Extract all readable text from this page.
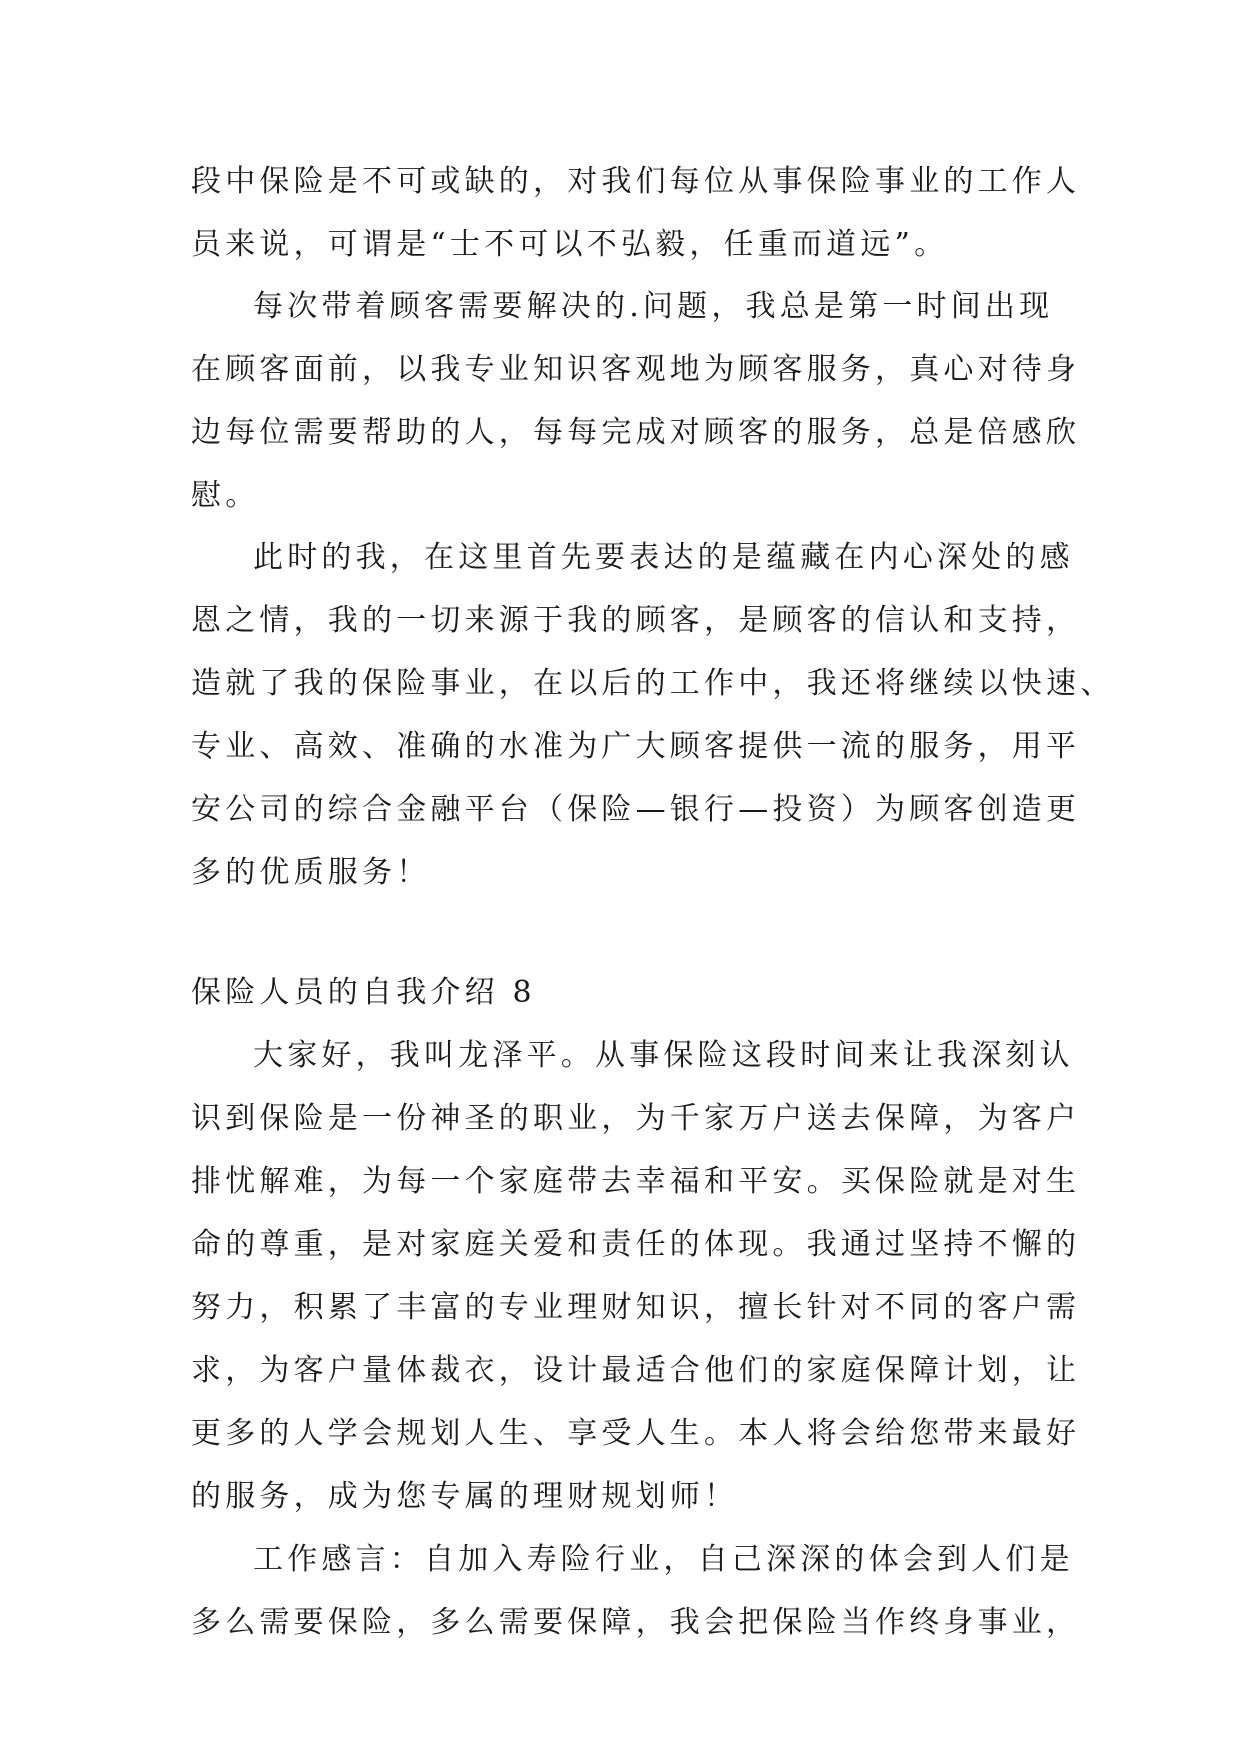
段中保险是不可或缺的，对我们每位从事保险事业的工作人
员来说，可谓是“士不可以不弘毅，任重而道远”。
每次带着顾客需要解决的.问题，我总是第一时间出现
在顾客面前，以我专业知识客观地为顾客服务，真心对待身
边每位需要帮助的人，每每完成对顾客的服务，总是倍感欣
慰。
此时的我，在这里首先要表达的是蕴藏在内心深处的感
恩之情，我的一切来源于我的顾客，是顾客的信认和支持，
造就了我的保险事业，在以后的工作中，我还将继续以快速、
专业、高效、准确的水准为广大顾客提供一流的服务，用平
安公司的综合金融平台（保险—银行—投资）为顾客创造更
多的优质服务！
保险人员的自我介绍 8
大家好，我叫龙泽平。从事保险这段时间来让我深刻认
识到保险是一份神圣的职业，为千家万户送去保障，为客户
排忧解难，为每一个家庭带去幸福和平安。买保险就是对生
命的尊重，是对家庭关爱和责任的体现。我通过坚持不懈的
努力，积累了丰富的专业理财知识，擅长针对不同的客户需
求，为客户量体裁衣，设计最适合他们的家庭保障计划，让
更多的人学会规划人生、享受人生。本人将会给您带来最好
的服务，成为您专属的理财规划师！
工作感言：自加入寿险行业，自己深深的体会到人们是
多么需要保险，多么需要保障，我会把保险当作终身事业，
